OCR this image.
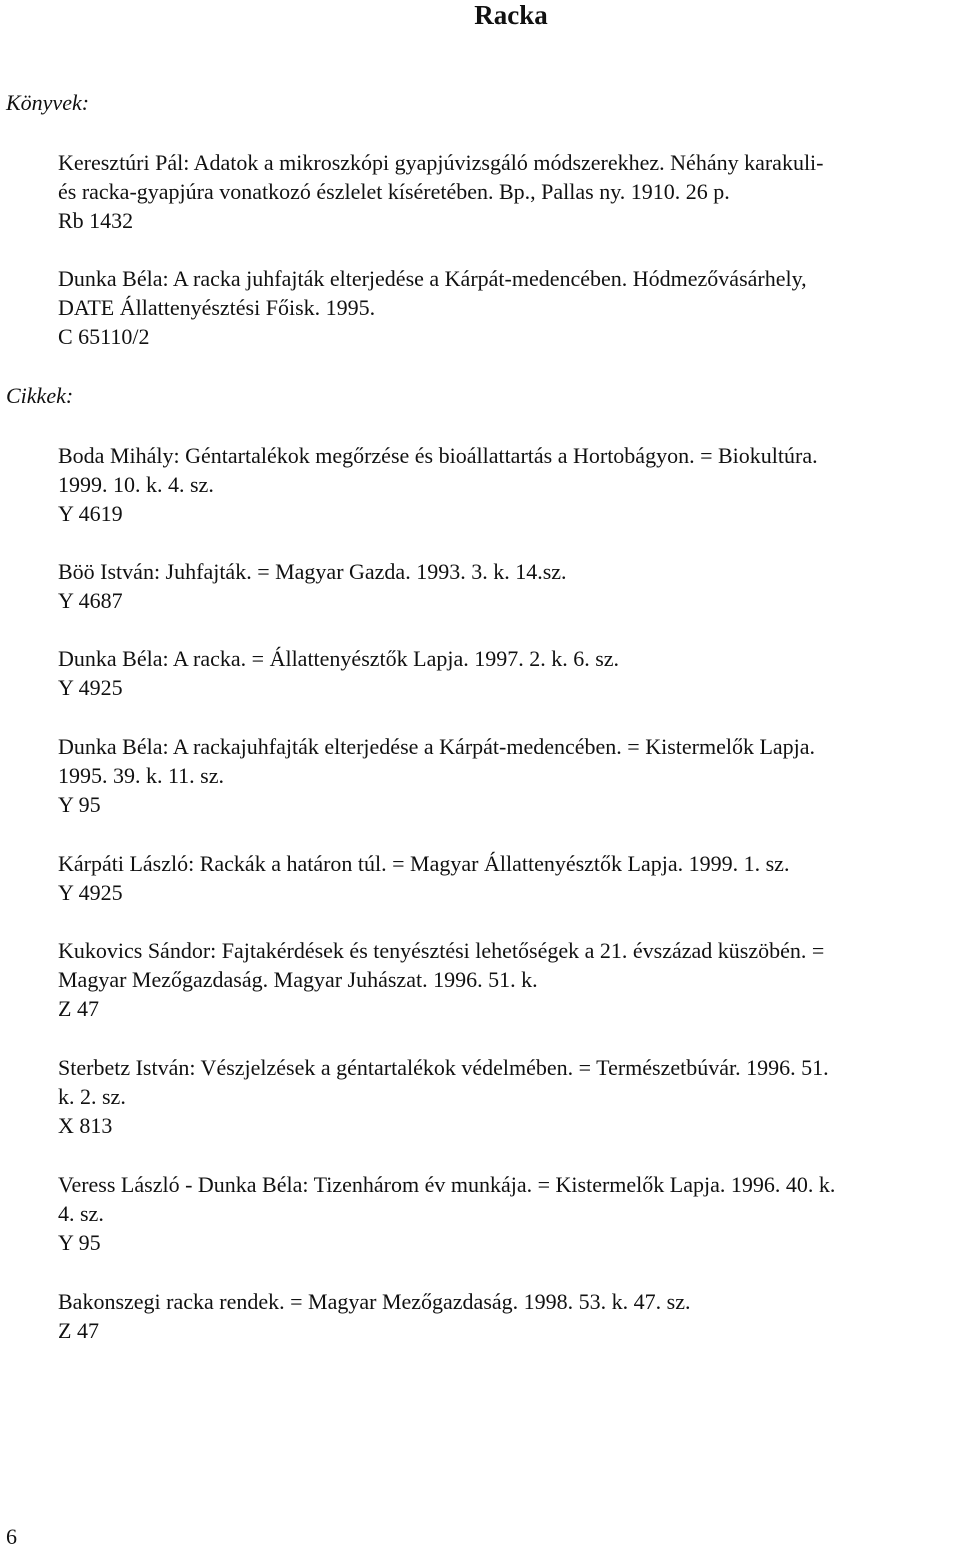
Racka
Könyvek:
Keresztúri Pál: Adatok a mikroszkópi gyapjúvizsgáló módszerekhez. Néhány karakuli-
és racka-gyapjúra vonatkozó észlelet kíséretében. Bp., Pallas ny. 1910. 26 p.
Rb 1432
Dunka Béla: A racka juhfajták elterjedése a Kárpát-medencében. Hódmezővásárhely,
DATE Állattenyésztési Főisk. 1995.
C 65110/2
Cikkek:
Boda Mihály: Géntartalékok megőrzése és bioállattartás a Hortobágyon. = Biokultúra.
1999. 10. k. 4. sz.
Y 4619
Böö István: Juhfajták. = Magyar Gazda. 1993. 3. k. 14.sz.
Y 4687
Dunka Béla: A racka. = Állattenyésztők Lapja. 1997. 2. k. 6. sz.
Y 4925
Dunka Béla: A rackajuhfajták elterjedése a Kárpát-medencében. = Kistermelők Lapja.
1995. 39. k. 11. sz.
Y 95
Kárpáti László: Rackák a határon túl. = Magyar Állattenyésztők Lapja. 1999. 1. sz.
Y 4925
Kukovics Sándor: Fajtakérdések és tenyésztési lehetőségek a 21. évszázad küszöbén. =
Magyar Mezőgazdaság. Magyar Juhászat. 1996. 51. k.
Z 47
Sterbetz István: Vészjelzések a géntartalékok védelmében. = Természetbúvár. 1996. 51.
k. 2. sz.
X 813
Veress László - Dunka Béla: Tizenhárom év munkája. = Kistermelők Lapja. 1996. 40. k.
4. sz.
Y 95
Bakonszegi racka rendek. = Magyar Mezőgazdaság. 1998. 53. k. 47. sz.
Z 47
6
